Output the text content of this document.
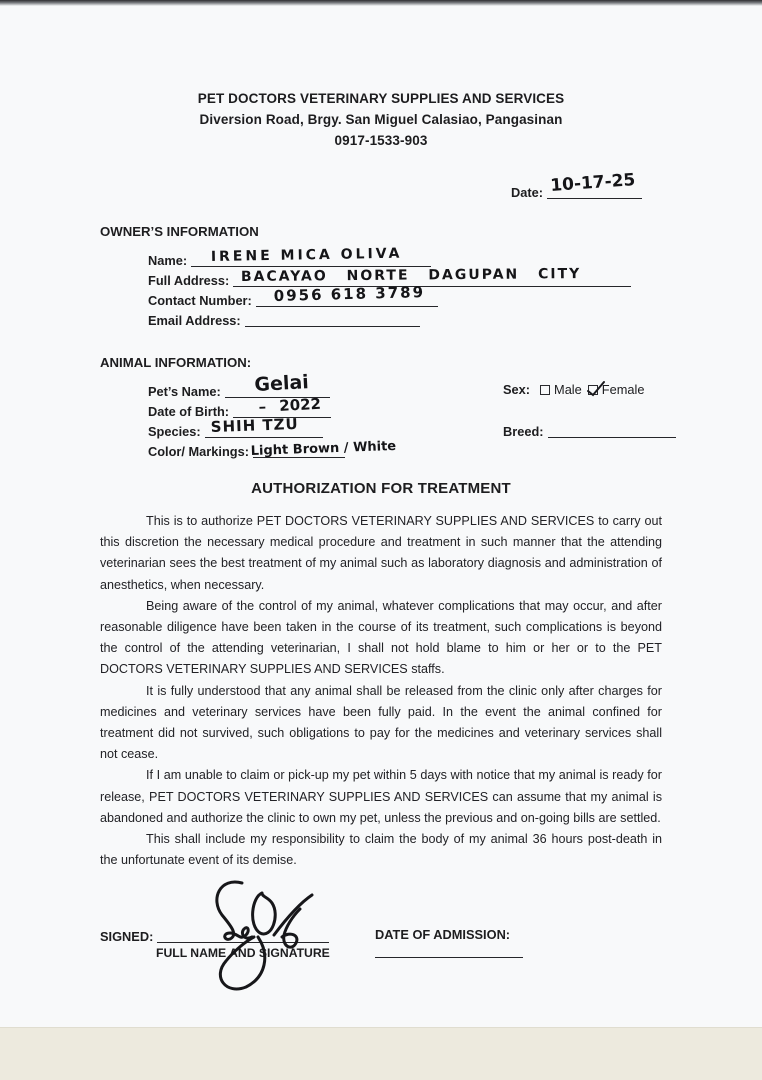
PET DOCTORS VETERINARY SUPPLIES AND SERVICES
Diversion Road, Brgy. San Miguel Calasiao, Pangasinan
0917-1533-903
Date: 10-17-25
OWNER’S INFORMATION
Name: IRENE MICA OLIVA
Full Address: BACAYAO NORTE DAGUPAN CITY
Contact Number: 0956 618 3789
Email Address:
ANIMAL INFORMATION:
Pet’s Name: Gelai	Sex: Male Female
Date of Birth: – 2022
Species: SHIH TZU	Breed:
Color/ Markings: Light Brown / White
AUTHORIZATION FOR TREATMENT

This is to authorize PET DOCTORS VETERINARY SUPPLIES AND SERVICES to carry out this discretion the necessary medical procedure and treatment in such manner that the attending veterinarian sees the best treatment of my animal such as laboratory diagnosis and administration of anesthetics, when necessary.

Being aware of the control of my animal, whatever complications that may occur, and after reasonable diligence have been taken in the course of its treatment, such complications is beyond the control of the attending veterinarian, I shall not hold blame to him or her or to the PET DOCTORS VETERINARY SUPPLIES AND SERVICES staffs.

It is fully understood that any animal shall be released from the clinic only after charges for medicines and veterinary services have been fully paid. In the event the animal confined for treatment did not survived, such obligations to pay for the medicines and veterinary services shall not cease.

If I am unable to claim or pick-up my pet within 5 days with notice that my animal is ready for release, PET DOCTORS VETERINARY SUPPLIES AND SERVICES can assume that my animal is abandoned and authorize the clinic to own my pet, unless the previous and on-going bills are settled.

This shall include my responsibility to claim the body of my animal 36 hours post-death in the unfortunate event of its demise.

SIGNED:
FULL NAME AND SIGNATURE
DATE OF ADMISSION:
